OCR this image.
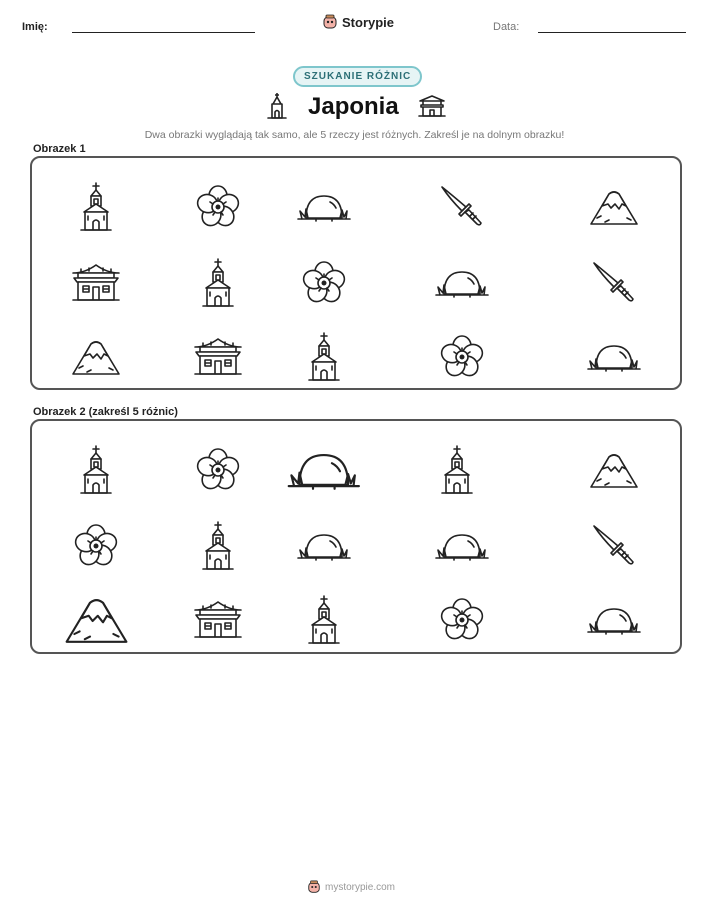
Imię:	Storypie	Data:
SZUKANIE RÓŻNIC
Japonia
Dwa obrazki wyglądają tak samo, ale 5 rzeczy jest różnych. Zakreśl je na dolnym obrazku!
Obrazek 1
Obrazek 2 (zakreśl 5 różnic)
mystorypie.com
